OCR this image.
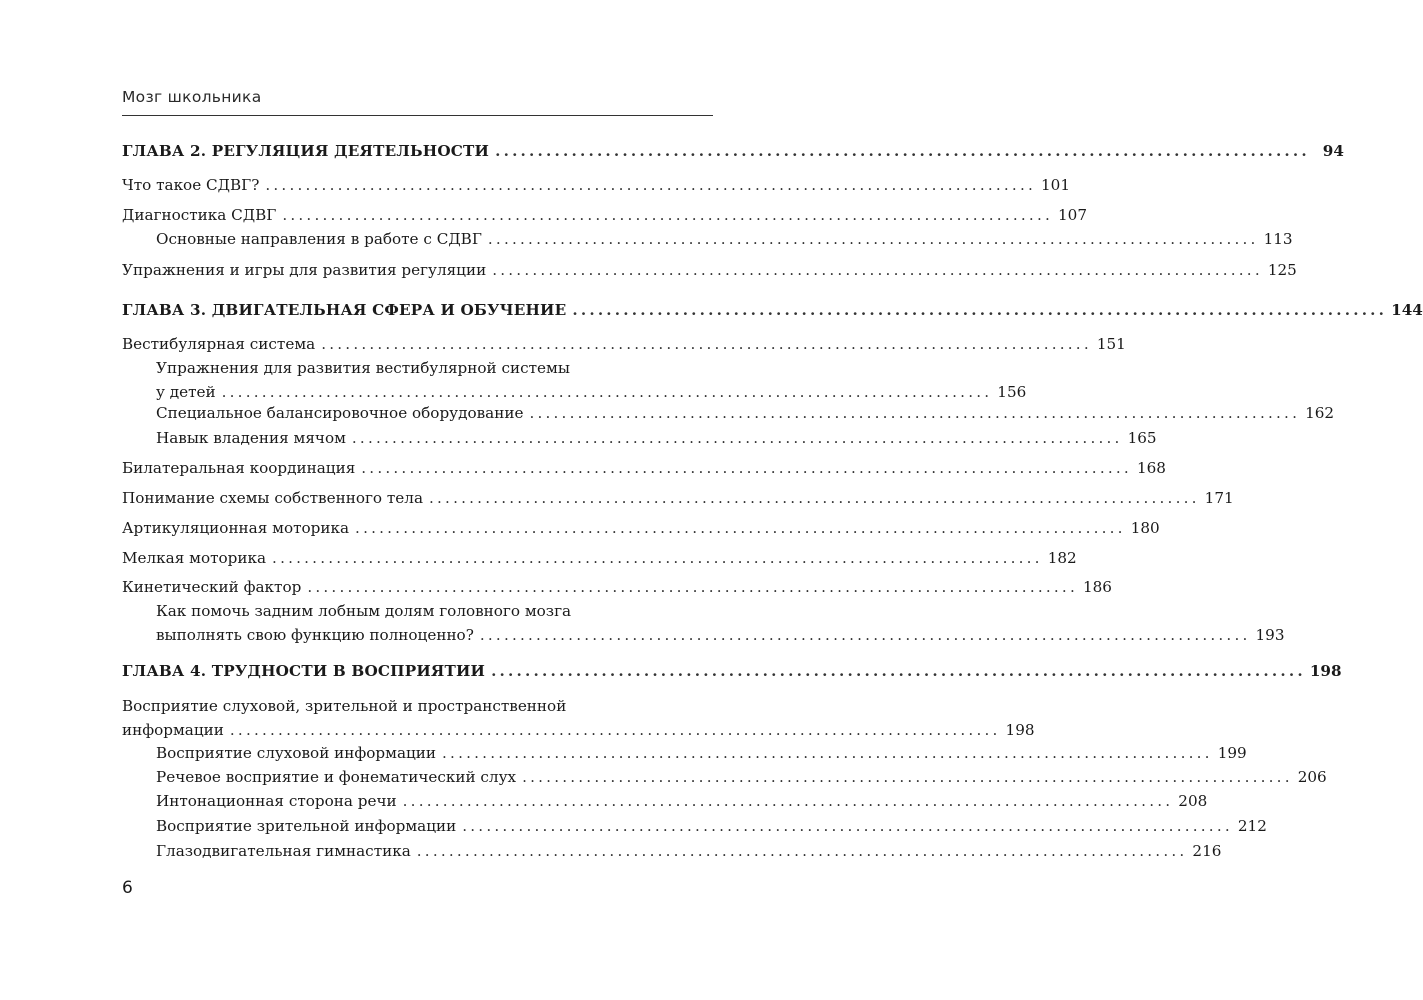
Мозг школьника
ГЛАВА 2. РЕГУЛЯЦИЯ ДЕЯТЕЛЬНОСТИ ................................................................................................ 94
Что такое СДВГ? ................................................................................................ 101
Диагностика СДВГ ................................................................................................ 107
Основные направления в работе с СДВГ ................................................................................................ 113
Упражнения и игры для развития регуляции ................................................................................................ 125
ГЛАВА 3. ДВИГАТЕЛЬНАЯ СФЕРА И ОБУЧЕНИЕ ................................................................................................ 144
Вестибулярная система ................................................................................................ 151
Упражнения для развития вестибулярной системы
у детей ................................................................................................ 156
Специальное балансировочное оборудование ................................................................................................ 162
Навык владения мячом ................................................................................................ 165
Билатеральная координация ................................................................................................ 168
Понимание схемы собственного тела ................................................................................................ 171
Артикуляционная моторика ................................................................................................ 180
Мелкая моторика ................................................................................................ 182
Кинетический фактор ................................................................................................ 186
Как помочь задним лобным долям головного мозга
выполнять свою функцию полноценно? ................................................................................................ 193
ГЛАВА 4. ТРУДНОСТИ В ВОСПРИЯТИИ ................................................................................................ 198
Восприятие слуховой, зрительной и пространственной
информации ................................................................................................ 198
Восприятие слуховой информации ................................................................................................ 199
Речевое восприятие и фонематический слух ................................................................................................ 206
Интонационная сторона речи ................................................................................................ 208
Восприятие зрительной информации ................................................................................................ 212
Глазодвигательная гимнастика ................................................................................................ 216
6
